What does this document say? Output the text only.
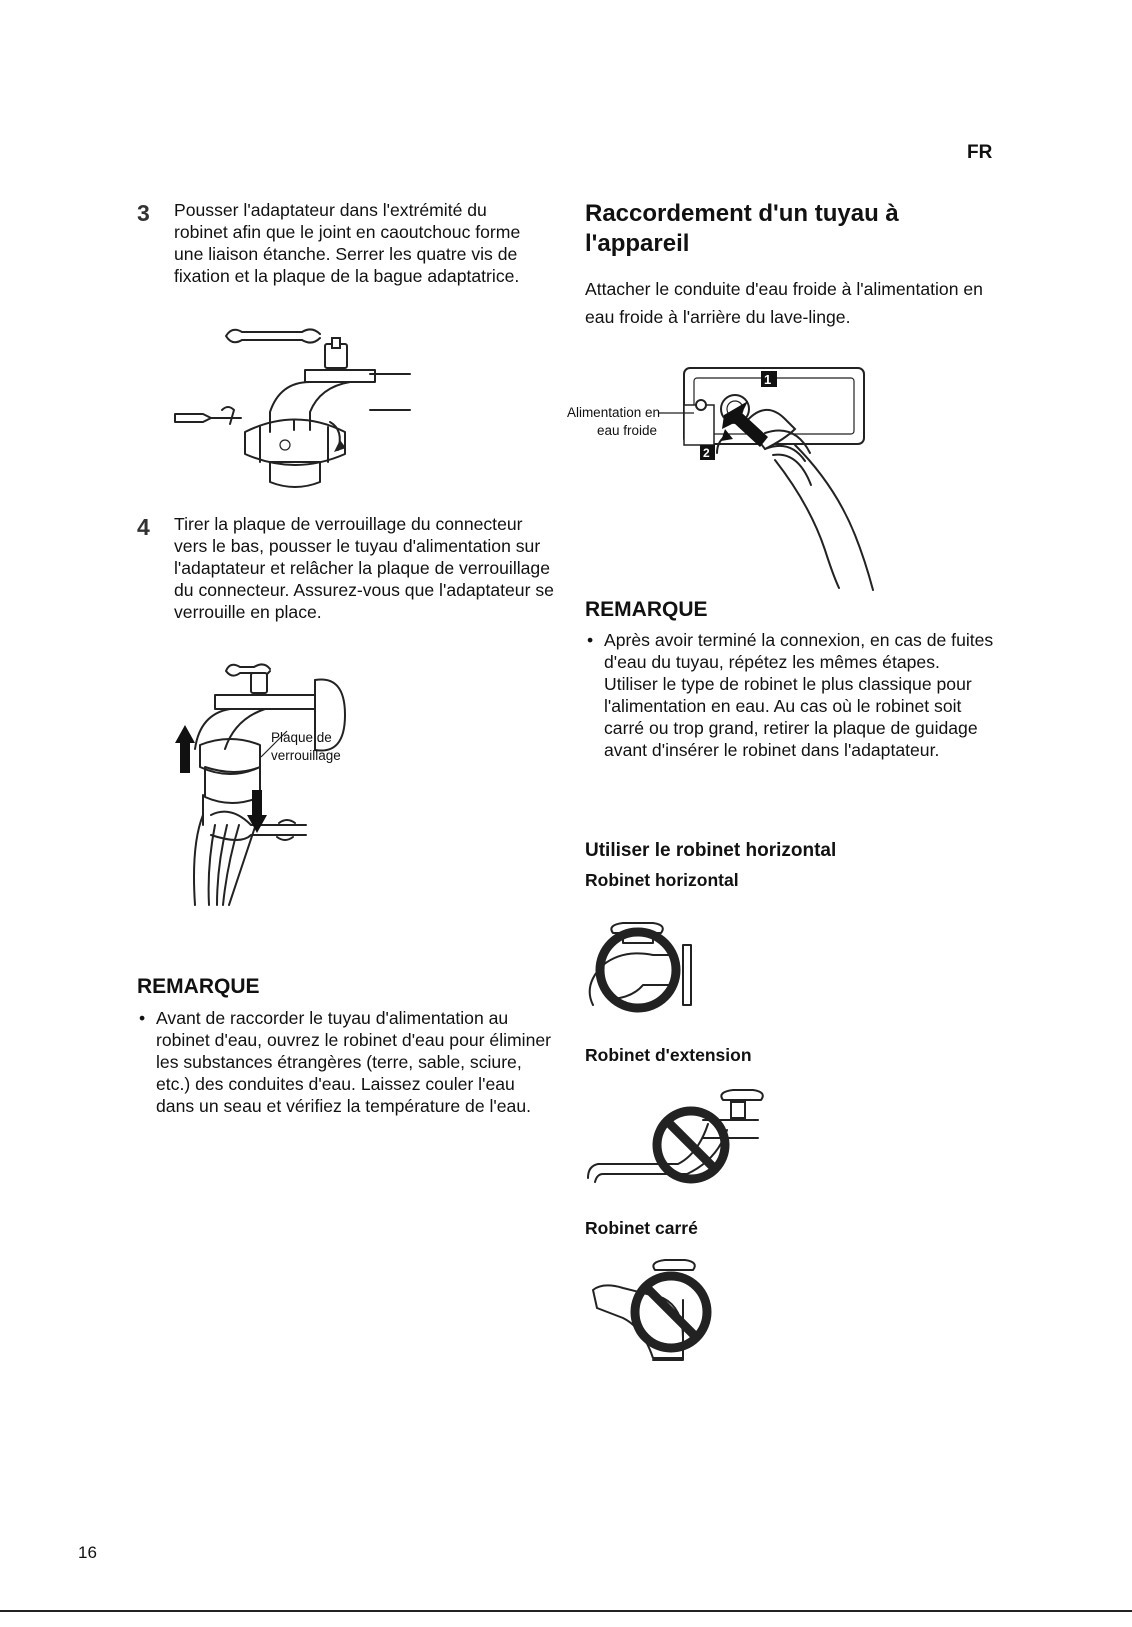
FR
3 Pousser l'adaptateur dans l'extrémité du robinet afin que le joint en caoutchouc forme une liaison étanche. Serrer les quatre vis de fixation et la plaque de la bague adaptatrice.
4 Tirer la plaque de verrouillage du connecteur vers le bas, pousser le tuyau d'alimentation sur l'adaptateur et relâcher la plaque de verrouillage du connecteur. Assurez-vous que l'adaptateur se verrouille en place.
Plaque de verrouillage
REMARQUE
• Avant de raccorder le tuyau d'alimentation au robinet d'eau, ouvrez le robinet d'eau pour éliminer les substances étrangères (terre, sable, sciure, etc.) des conduites d'eau. Laissez couler l'eau dans un seau et vérifiez la température de l'eau.
Raccordement d'un tuyau à l'appareil
Attacher le conduite d'eau froide à l'alimentation en eau froide à l'arrière du lave-linge.
1
2
Alimentation en
eau froide
REMARQUE
• Après avoir terminé la connexion, en cas de fuites d'eau du tuyau, répétez les mêmes étapes. Utiliser le type de robinet le plus classique pour l'alimentation en eau. Au cas où le robinet soit carré ou trop grand, retirer la plaque de guidage avant d'insérer le robinet dans l'adaptateur.
Utiliser le robinet horizontal
Robinet horizontal
Robinet d'extension
Robinet carré
16
